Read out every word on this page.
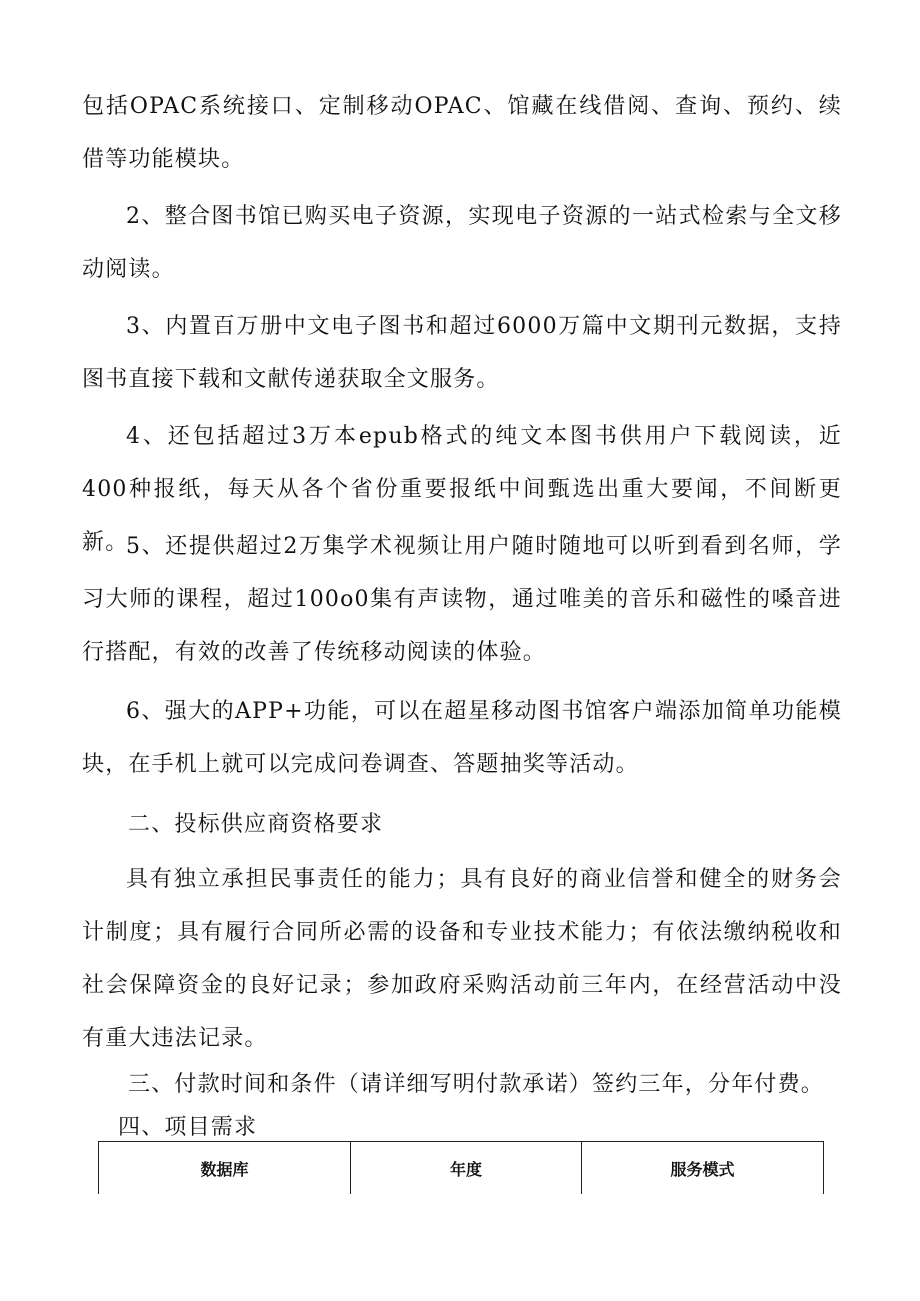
包括OPAC系统接口、定制移动OPAC、馆藏在线借阅、查询、预约、续借等功能模块。

2、整合图书馆已购买电子资源，实现电子资源的一站式检索与全文移动阅读。

3、内置百万册中文电子图书和超过6000万篇中文期刊元数据，支持图书直接下载和文献传递获取全文服务。

4、还包括超过3万本epub格式的纯文本图书供用户下载阅读，近400种报纸，每天从各个省份重要报纸中间甄选出重大要闻，不间断更新。

5、还提供超过2万集学术视频让用户随时随地可以听到看到名师，学习大师的课程，超过100o0集有声读物，通过唯美的音乐和磁性的嗓音进行搭配，有效的改善了传统移动阅读的体验。

6、强大的APP+功能，可以在超星移动图书馆客户端添加简单功能模块，在手机上就可以完成问卷调查、答题抽奖等活动。

二、投标供应商资格要求

具有独立承担民事责任的能力；具有良好的商业信誉和健全的财务会计制度；具有履行合同所必需的设备和专业技术能力；有依法缴纳税收和社会保障资金的良好记录；参加政府采购活动前三年内，在经营活动中没有重大违法记录。

三、付款时间和条件（请详细写明付款承诺）签约三年，分年付费。

四、项目需求

数据库	年度	服务模式
